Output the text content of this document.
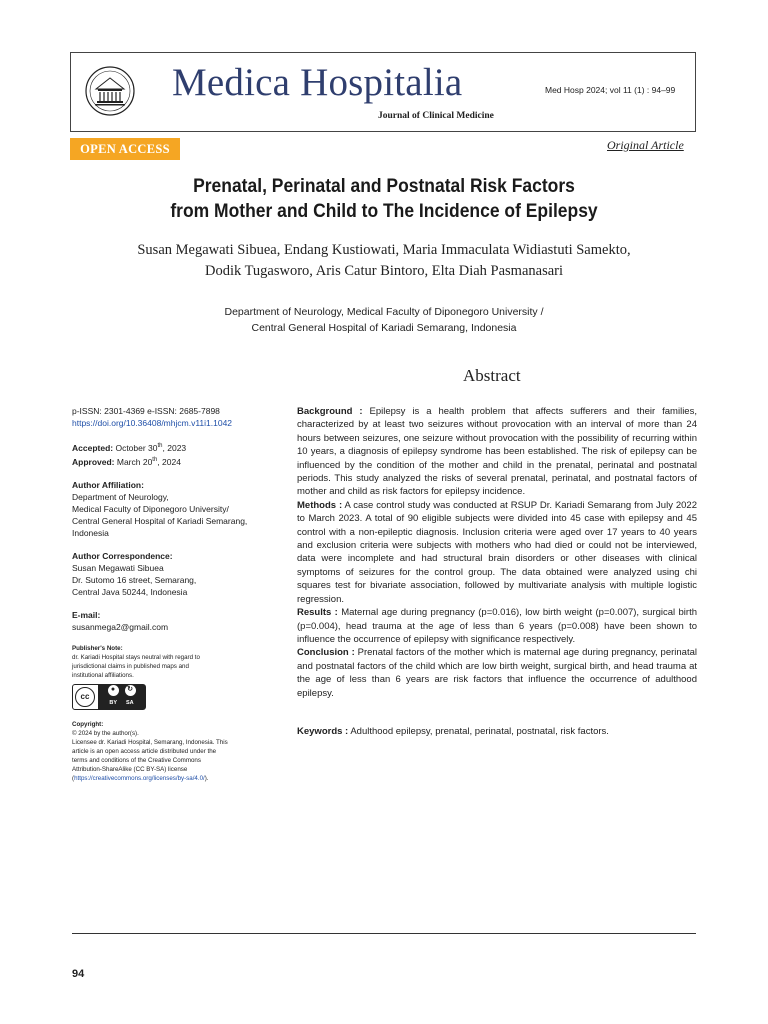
Medica Hospitalia
Journal of Clinical Medicine
Med Hosp 2024; vol 11 (1) : 94–99
OPEN ACCESS	Original Article
Prenatal, Perinatal and Postnatal Risk Factors
from Mother and Child to The Incidence of Epilepsy
Susan Megawati Sibuea, Endang Kustiowati, Maria Immaculata Widiastuti Samekto,
Dodik Tugasworo, Aris Catur Bintoro, Elta Diah Pasmanasari
Department of Neurology, Medical Faculty of Diponegoro University /
Central General Hospital of Kariadi Semarang, Indonesia
Abstract
p-ISSN: 2301-4369 e-ISSN: 2685-7898
https://doi.org/10.36408/mhjcm.v11i1.1042
Accepted: October 30th, 2023
Approved: March 20th, 2024
Author Affiliation:
Department of Neurology,
Medical Faculty of Diponegoro University/
Central General Hospital of Kariadi Semarang,
Indonesia
Author Correspondence:
Susan Megawati Sibuea
Dr. Sutomo 16 street, Semarang,
Central Java 50244, Indonesia
E-mail:
susanmega2@gmail.com
Publisher's Note:
dr. Kariadi Hospital stays neutral with regard to
jurisdictional claims in published maps and
institutional affiliations.
cc
●	↻
BY SA
Copyright:
© 2024 by the author(s).
Licensee dr. Kariadi Hospital, Semarang, Indonesia. This
article is an open access article distributed under the
terms and conditions of the Creative Commons
Attribution-ShareAlike (CC BY-SA) license
(https://creativecommons.org/licenses/by-sa/4.0/).

Background : Epilepsy is a health problem that affects sufferers and their families, characterized by at least two seizures without provocation with an interval of more than 24 hours between seizures, one seizure without provocation with the possibility of recurring within 10 years, a diagnosis of epilepsy syndrome has been established. The risk of epilepsy can be influenced by the condition of the mother and child in the prenatal, perinatal and postnatal periods. This study analyzed the risks of several prenatal, perinatal, and postnatal factors of mother and child as risk factors for epilepsy incidence.

Methods : A case control study was conducted at RSUP Dr. Kariadi Semarang from July 2022 to March 2023. A total of 90 eligible subjects were divided into 45 case with epilepsy and 45 control with a non-epileptic diagnosis. Inclusion criteria were aged over 17 years to 40 years and exclusion criteria were subjects with mothers who had died or could not be interviewed, data were incomplete and had structural brain disorders or other diseases with clinical symptoms of seizures for the control group. The data obtained were analyzed using chi squares test for bivariate association, followed by multivariate analysis with multiple logistic regression.

Results : Maternal age during pregnancy (p=0.016), low birth weight (p=0.007), surgical birth (p=0.004), head trauma at the age of less than 6 years (p=0.008) have been shown to influence the occurrence of epilepsy with significance respectively.

Conclusion : Prenatal factors of the mother which is maternal age during pregnancy, perinatal and postnatal factors of the child which are low birth weight, surgical birth, and head trauma at the age of less than 6 years are risk factors that influence the occurrence of adulthood epilepsy.

Keywords : Adulthood epilepsy, prenatal, perinatal, postnatal, risk factors.
94
